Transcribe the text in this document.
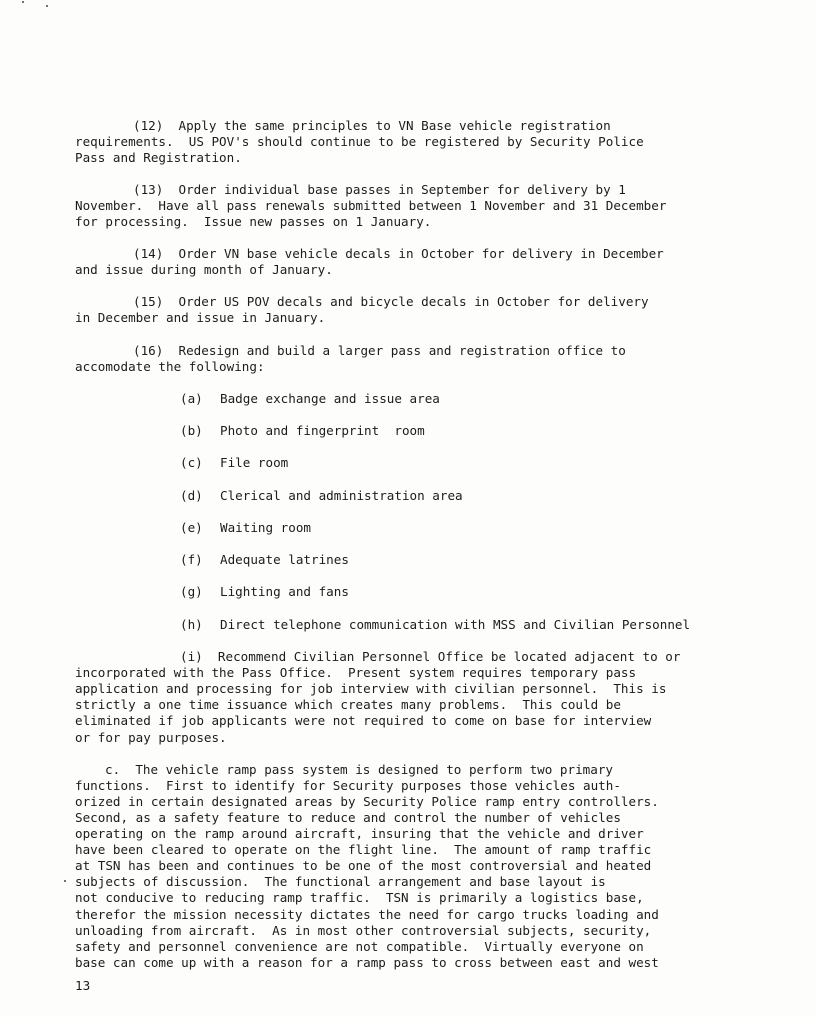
(12)  Apply the same principles to VN Base vehicle registration
requirements.  US POV's should continue to be registered by Security Police
Pass and Registration.
(13)  Order individual base passes in September for delivery by 1
November.  Have all pass renewals submitted between 1 November and 31 December
for processing.  Issue new passes on 1 January.
(14)  Order VN base vehicle decals in October for delivery in December
and issue during month of January.
(15)  Order US POV decals and bicycle decals in October for delivery
in December and issue in January.
(16)  Redesign and build a larger pass and registration office to
accomodate the following:
(a) Badge exchange and issue area
(b) Photo and fingerprint  room
(c) File room
(d) Clerical and administration area
(e) Waiting room
(f) Adequate latrines
(g) Lighting and fans
(h) Direct telephone communication with MSS and Civilian Personnel
(i)  Recommend Civilian Personnel Office be located adjacent to or
incorporated with the Pass Office.  Present system requires temporary pass
application and processing for job interview with civilian personnel.  This is
strictly a one time issuance which creates many problems.  This could be
eliminated if job applicants were not required to come on base for interview
or for pay purposes.
c.  The vehicle ramp pass system is designed to perform two primary
functions.  First to identify for Security purposes those vehicles auth-
orized in certain designated areas by Security Police ramp entry controllers.
Second, as a safety feature to reduce and control the number of vehicles
operating on the ramp around aircraft, insuring that the vehicle and driver
have been cleared to operate on the flight line.  The amount of ramp traffic
at TSN has been and continues to be one of the most controversial and heated
subjects of discussion.  The functional arrangement and base layout is
not conducive to reducing ramp traffic.  TSN is primarily a logistics base,
therefor the mission necessity dictates the need for cargo trucks loading and
unloading from aircraft.  As in most other controversial subjects, security,
safety and personnel convenience are not compatible.  Virtually everyone on
base can come up with a reason for a ramp pass to cross between east and west
13
